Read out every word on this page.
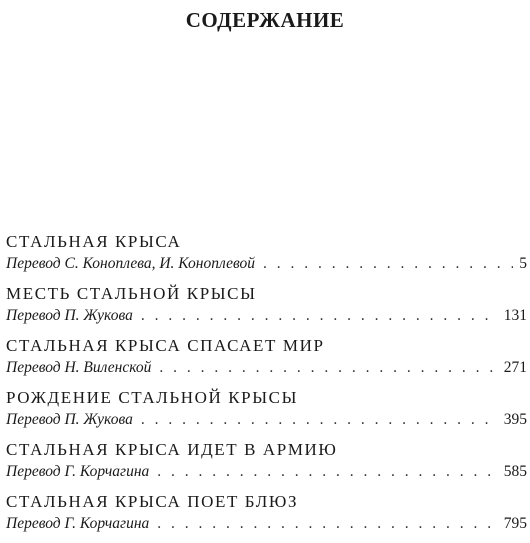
СОДЕРЖАНИЕ
СТАЛЬНАЯ КРЫСА
Перевод С. Коноплева, И. Коноплевой . . .	5
МЕСТЬ СТАЛЬНОЙ КРЫСЫ
Перевод П. Жукова . . .	131
СТАЛЬНАЯ КРЫСА СПАСАЕТ МИР
Перевод Н. Виленской . . .	271
РОЖДЕНИЕ СТАЛЬНОЙ КРЫСЫ
Перевод П. Жукова . . .	395
СТАЛЬНАЯ КРЫСА ИДЕТ В АРМИЮ
Перевод Г. Корчагина . . .	585
СТАЛЬНАЯ КРЫСА ПОЕТ БЛЮЗ
Перевод Г. Корчагина . . .	795
